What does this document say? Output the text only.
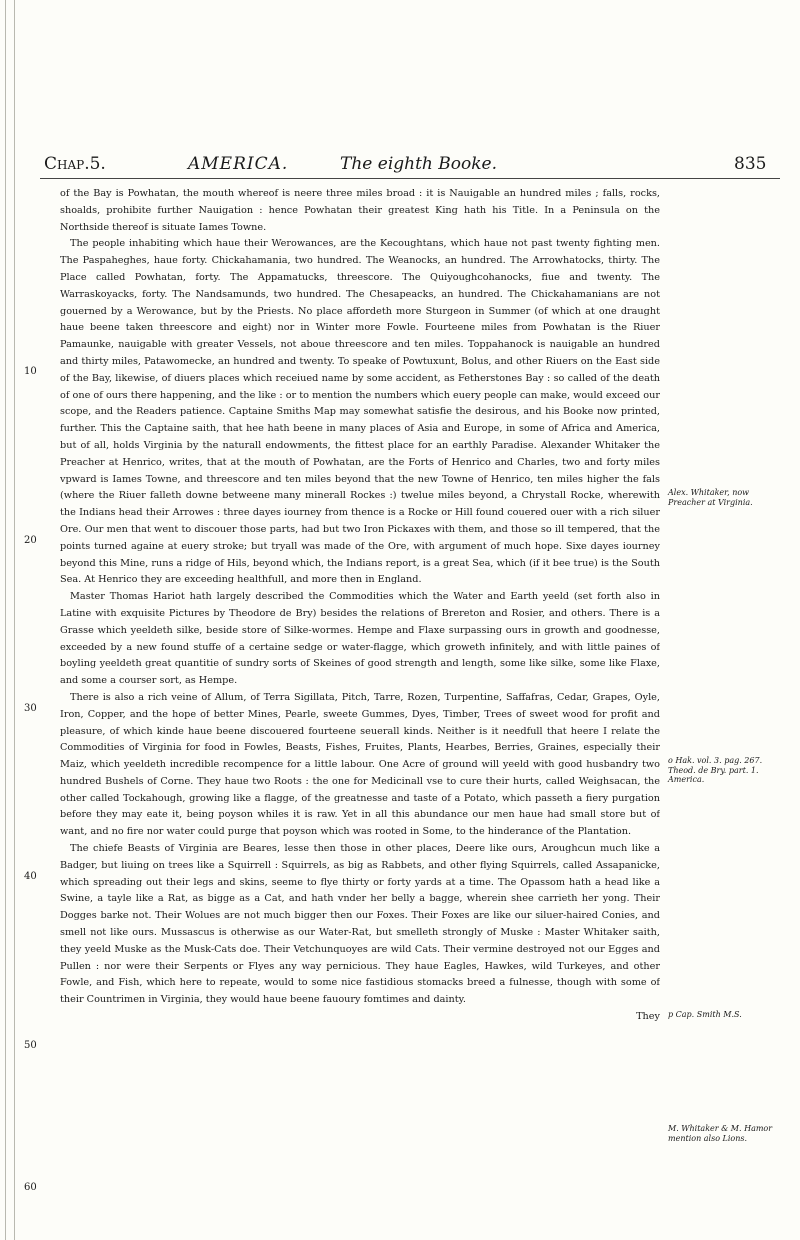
Chap.5.	AMERICA.	The eighth Booke.	835
10
20
30
40
50
60

of the Bay is Powhatan, the mouth whereof is neere three miles broad : it is Nauigable an hundred miles ; falls, rocks, shoalds, prohibite further Nauigation : hence Powhatan their greatest King hath his Title. In a Peninsula on the Northside thereof is situate Iames Towne.

The people inhabiting which haue their Werowances, are the Kecoughtans, which haue not past twenty fighting men. The Paspaheghes, haue forty. Chickahamania, two hundred. The Weanocks, an hundred. The Arrowhatocks, thirty. The Place called Powhatan, forty. The Appamatucks, threescore. The Quiyoughcohanocks, fiue and twenty. The Warraskoyacks, forty. The Nandsamunds, two hundred. The Chesapeacks, an hundred. The Chickahamanians are not gouerned by a Werowance, but by the Priests. No place affordeth more Sturgeon in Summer (of which at one draught haue beene taken threescore and eight) nor in Winter more Fowle. Fourteene miles from Powhatan is the Riuer Pamaunke, nauigable with greater Vessels, not aboue threescore and ten miles. Toppahanock is nauigable an hundred and thirty miles, Patawomecke, an hundred and twenty. To speake of Powtuxunt, Bolus, and other Riuers on the East side of the Bay, likewise, of diuers places which receiued name by some accident, as Fetherstones Bay : so called of the death of one of ours there happening, and the like : or to mention the numbers which euery people can make, would exceed our scope, and the Readers patience. Captaine Smiths Map may somewhat satisfie the desirous, and his Booke now printed, further. This the Captaine saith, that hee hath beene in many places of Asia and Europe, in some of Africa and America, but of all, holds Virginia by the naturall endowments, the fittest place for an earthly Paradise. Alexander Whitaker the Preacher at Henrico, writes, that at the mouth of Powhatan, are the Forts of Henrico and Charles, two and forty miles vpward is Iames Towne, and threescore and ten miles beyond that the new Towne of Henrico, ten miles higher the fals (where the Riuer falleth downe betweene many minerall Rockes :) twelue miles beyond, a Chrystall Rocke, wherewith the Indians head their Arrowes : three dayes iourney from thence is a Rocke or Hill found couered ouer with a rich siluer Ore. Our men that went to discouer those parts, had but two Iron Pickaxes with them, and those so ill tempered, that the points turned againe at euery stroke; but tryall was made of the Ore, with argument of much hope. Sixe dayes iourney beyond this Mine, runs a ridge of Hils, beyond which, the Indians report, is a great Sea, which (if it bee true) is the South Sea. At Henrico they are exceeding healthfull, and more then in England.

Master Thomas Hariot hath largely described the Commodities which the Water and Earth yeeld (set forth also in Latine with exquisite Pictures by Theodore de Bry) besides the relations of Brereton and Rosier, and others. There is a Grasse which yeeldeth silke, beside store of Silke-wormes. Hempe and Flaxe surpassing ours in growth and goodnesse, exceeded by a new found stuffe of a certaine sedge or water-flagge, which groweth infinitely, and with little paines of boyling yeeldeth great quantitie of sundry sorts of Skeines of good strength and length, some like silke, some like Flaxe, and some a courser sort, as Hempe.

There is also a rich veine of Allum, of Terra Sigillata, Pitch, Tarre, Rozen, Turpentine, Saffafras, Cedar, Grapes, Oyle, Iron, Copper, and the hope of better Mines, Pearle, sweete Gummes, Dyes, Timber, Trees of sweet wood for profit and pleasure, of which kinde haue beene discouered fourteene seuerall kinds. Neither is it needfull that heere I relate the Commodities of Virginia for food in Fowles, Beasts, Fishes, Fruites, Plants, Hearbes, Berries, Graines, especially their Maiz, which yeeldeth incredible recompence for a little labour. One Acre of ground will yeeld with good husbandry two hundred Bushels of Corne. They haue two Roots : the one for Medicinall vse to cure their hurts, called Weighsacan, the other called Tockahough, growing like a flagge, of the greatnesse and taste of a Potato, which passeth a fiery purgation before they may eate it, being poyson whiles it is raw. Yet in all this abundance our men haue had small store but of want, and no fire nor water could purge that poyson which was rooted in Some, to the hinderance of the Plantation.

The chiefe Beasts of Virginia are Beares, lesse then those in other places, Deere like ours, Aroughcun much like a Badger, but liuing on trees like a Squirrell : Squirrels, as big as Rabbets, and other flying Squirrels, called Assapanicke, which spreading out their legs and skins, seeme to flye thirty or forty yards at a time. The Opassom hath a head like a Swine, a tayle like a Rat, as bigge as a Cat, and hath vnder her belly a bagge, wherein shee carrieth her yong. Their Dogges barke not. Their Wolues are not much bigger then our Foxes. Their Foxes are like our siluer-haired Conies, and smell not like ours. Mussascus is otherwise as our Water-Rat, but smelleth strongly of Muske : Master Whitaker saith, they yeeld Muske as the Musk-Cats doe. Their Vetchunquoyes are wild Cats. Their vermine destroyed not our Egges and Pullen : nor were their Serpents or Flyes any way pernicious. They haue Eagles, Hawkes, wild Turkeyes, and other Fowle, and Fish, which here to repeate, would to some nice fastidious stomacks breed a fulnesse, though with some of their Countrimen in Virginia, they would haue beene fauoury fomtimes and dainty.

They
Alex. Whitaker, now Preacher at Virginia.
o Hak. vol. 3. pag. 267. Theod. de Bry. part. 1. America.
p Cap. Smith M.S.
M. Whitaker & M. Hamor mention also Lions.
